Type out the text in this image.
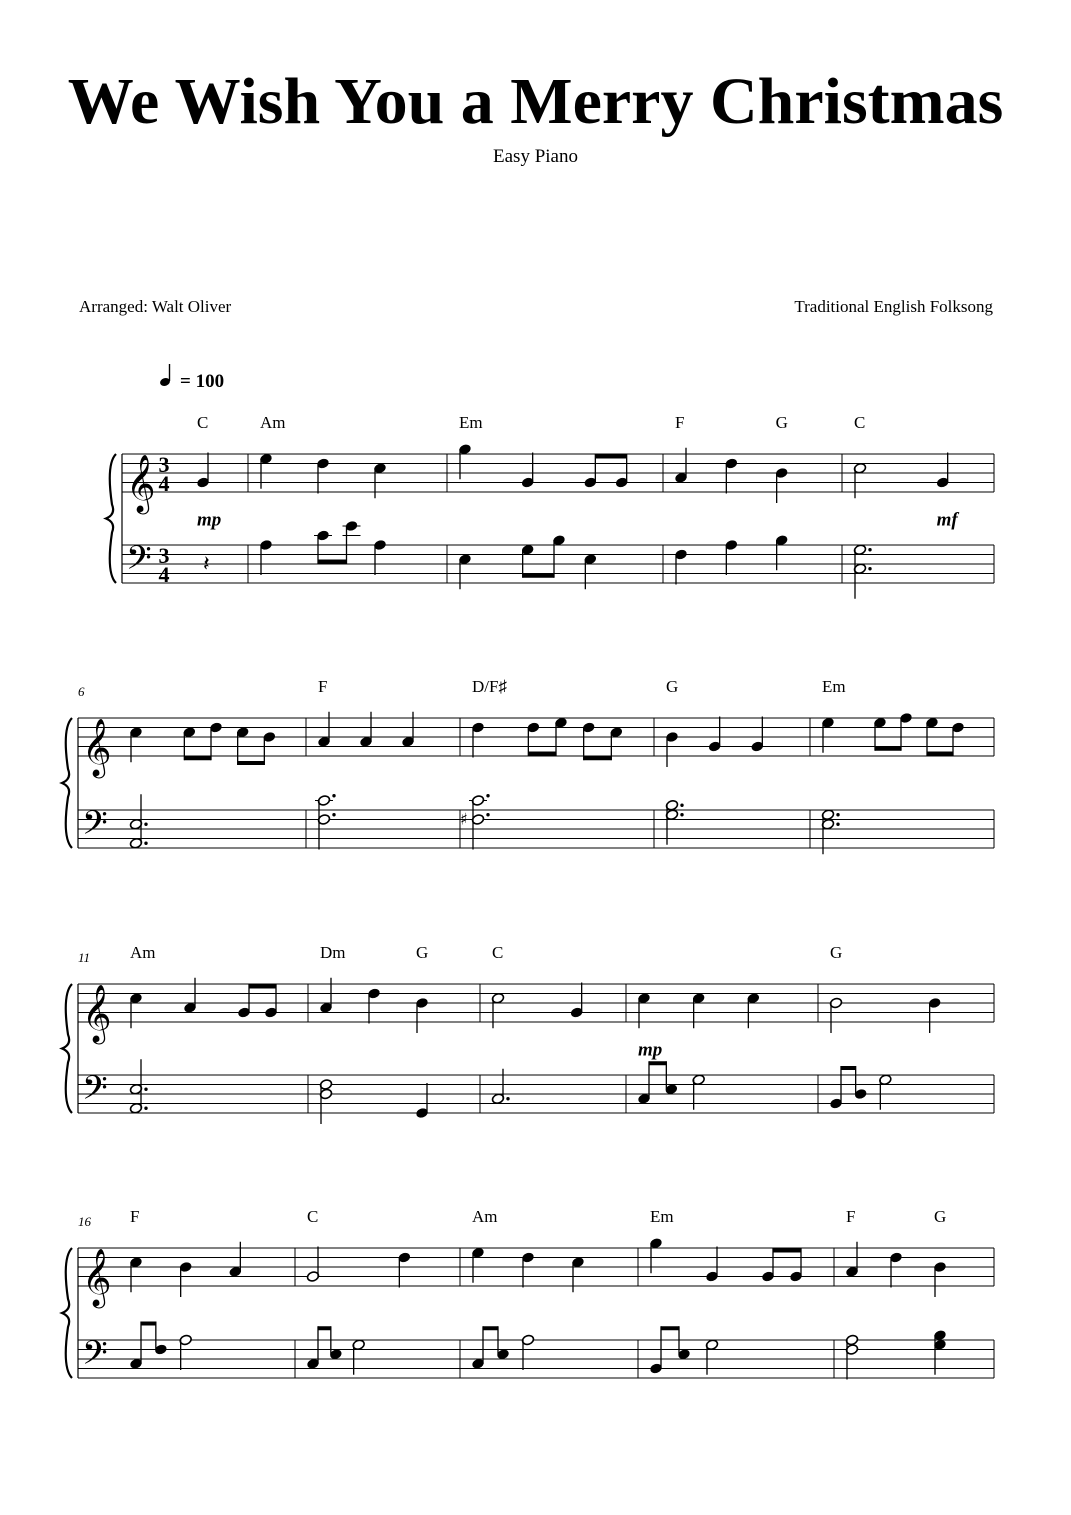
We Wish You a Merry Christmas
Easy Piano
Arranged: Walt Oliver	Traditional English Folksong
= 100
𝄞
𝄢
3
4
3
4
C
mp
𝄽
Am	Em	F	G	C
mf
𝄞
𝄢
6	F	D/F♯
♯
G	Em
𝄞
𝄢
11 Am	Dm	G	C
mp
G
𝄞
𝄢
16 F	C	Am	Em	F	G
